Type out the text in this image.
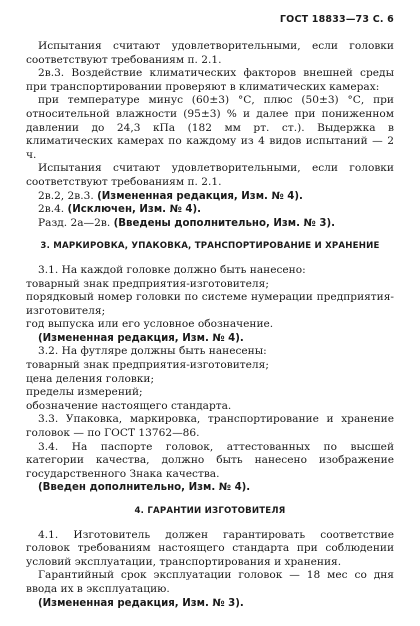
ГОСТ 18833—73 С. 6

Испытания считают удовлетворительными, если головки соответствуют требованиям п. 2.1.

2в.3. Воздействие климатических факторов внешней среды при транспортировании проверяют в климатических камерах:

при температуре минус (60±3) °С, плюс (50±3) °С, при относительной влажности (95±3) % и далее при пониженном давлении до 24,3 кПа (182 мм рт. ст.). Выдержка в климатических камерах по каждому из 4 видов испытаний — 2 ч.

Испытания считают удовлетворительными, если головки соответствуют требованиям п. 2.1.

2в.2, 2в.3. (Измененная редакция, Изм. № 4).

2в.4. (Исключен, Изм. № 4).

Разд. 2а—2в. (Введены дополнительно, Изм. № 3).

3. МАРКИРОВКА, УПАКОВКА, ТРАНСПОРТИРОВАНИЕ И ХРАНЕНИЕ

3.1. На каждой головке должно быть нанесено:

товарный знак предприятия-изготовителя;

порядковый номер головки по системе нумерации предприятия-изготовителя;

год выпуска или его условное обозначение.

(Измененная редакция, Изм. № 4).

3.2. На футляре должны быть нанесены:

товарный знак предприятия-изготовителя;

цена деления головки;

пределы измерений;

обозначение настоящего стандарта.

3.3. Упаковка, маркировка, транспортирование и хранение головок — по ГОСТ 13762—86.

3.4. На паспорте головок, аттестованных по высшей категории качества, должно быть нанесено изображение государственного Знака качества.

(Введен дополнительно, Изм. № 4).

4. ГАРАНТИИ ИЗГОТОВИТЕЛЯ

4.1. Изготовитель должен гарантировать соответствие головок требованиям настоящего стандарта при соблюдении условий эксплуатации, транспортирования и хранения.

Гарантийный срок эксплуатации головок — 18 мес со дня ввода их в эксплуатацию.

(Измененная редакция, Изм. № 3).
